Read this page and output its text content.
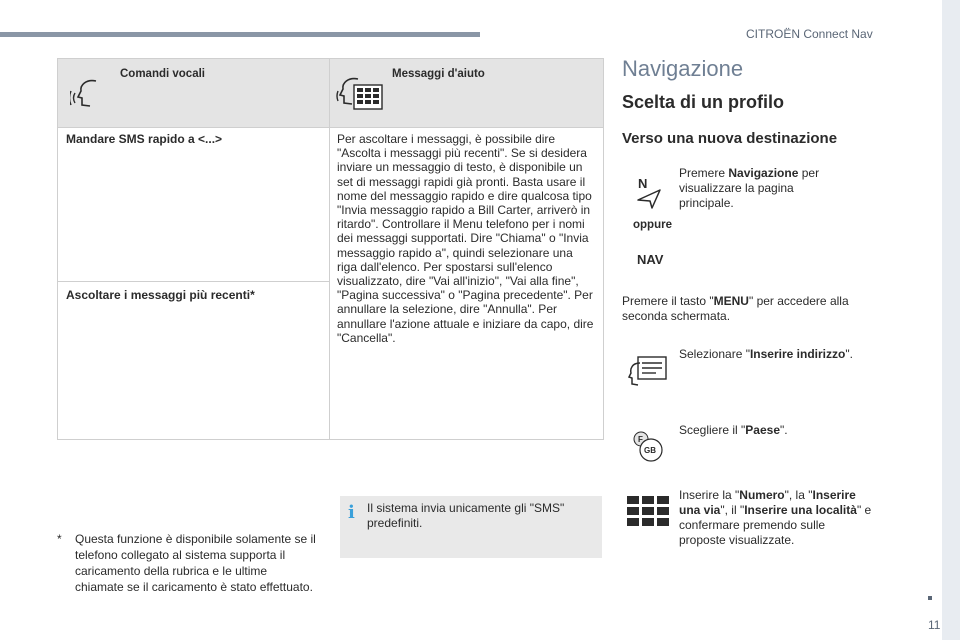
CITROËN Connect Nav
11
Comandi vocali	Messaggi d'aiuto
Mandare SMS rapido a <...>
Ascoltare i messaggi più recenti*
Per ascoltare i messaggi, è possibile dire "Ascolta i messaggi più recenti". Se si desidera inviare un messaggio di testo, è disponibile un set di messaggi rapidi già pronti. Basta usare il nome del messaggio rapido e dire qualcosa tipo "Invia messaggio rapido a Bill Carter, arriverò in ritardo". Controllare il Menu telefono per i nomi dei messaggi supportati. Dire "Chiama" o "Invia messaggio rapido a", quindi selezionare una riga dall'elenco. Per spostarsi sull'elenco visualizzato, dire "Vai all'inizio", "Vai alla fine", "Pagina successiva" o "Pagina precedente". Per annullare la selezione, dire "Annulla". Per annullare l'azione attuale e iniziare da capo, dire "Cancella".
* Questa funzione è disponibile solamente se il telefono collegato al sistema supporta il caricamento della rubrica e le ultime chiamate se il caricamento è stato effettuato.
i Il sistema invia unicamente gli "SMS" predefiniti.
Navigazione
Scelta di un profilo
Verso una nuova destinazione
N
oppure
NAV
Premere Navigazione per visualizzare la pagina principale.
Premere il tasto "MENU" per accedere alla seconda schermata.
Selezionare "Inserire indirizzo".
F
GB
Scegliere il "Paese".
Inserire la "Numero", la "Inserire una via", il "Inserire una località" e confermare premendo sulle proposte visualizzate.
